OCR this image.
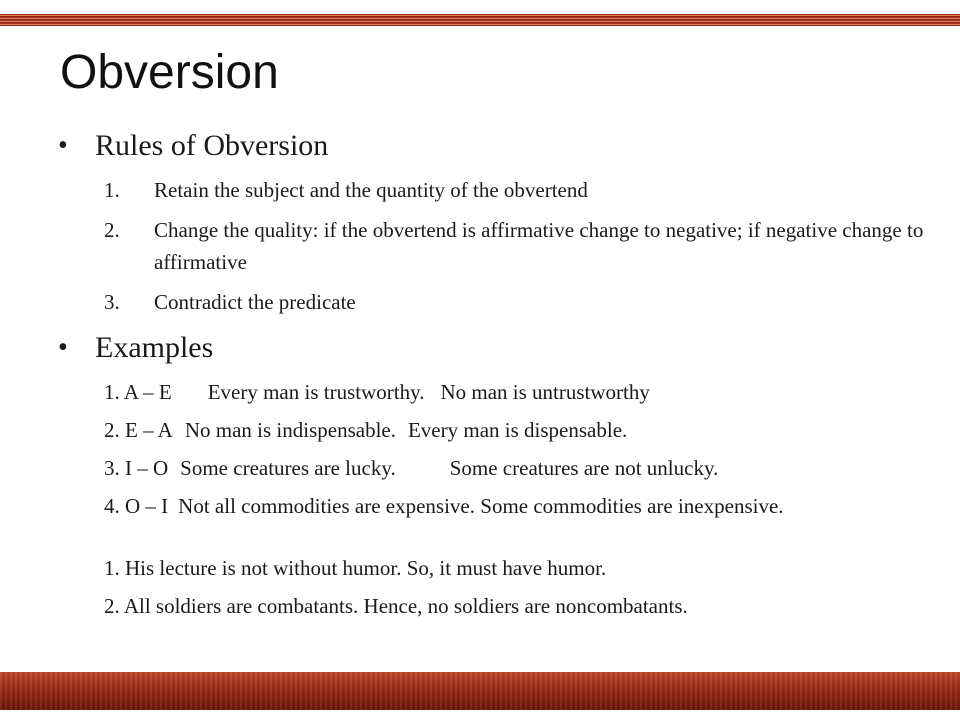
Obversion
• Rules of Obversion
1. Retain the subject and the quantity of the obvertend
2. Change the quality: if the obvertend is affirmative change to negative; if negative change to affirmative
3. Contradict the predicate
• Examples
1. A – E Every man is trustworthy. No man is untrustworthy
2. E – A No man is indispensable. Every man is dispensable.
3. I – O Some creatures are lucky.	Some creatures are not unlucky.
4. O – I Not all commodities are expensive. Some commodities are inexpensive.
1. His lecture is not without humor. So, it must have humor.
2. All soldiers are combatants. Hence, no soldiers are noncombatants.
